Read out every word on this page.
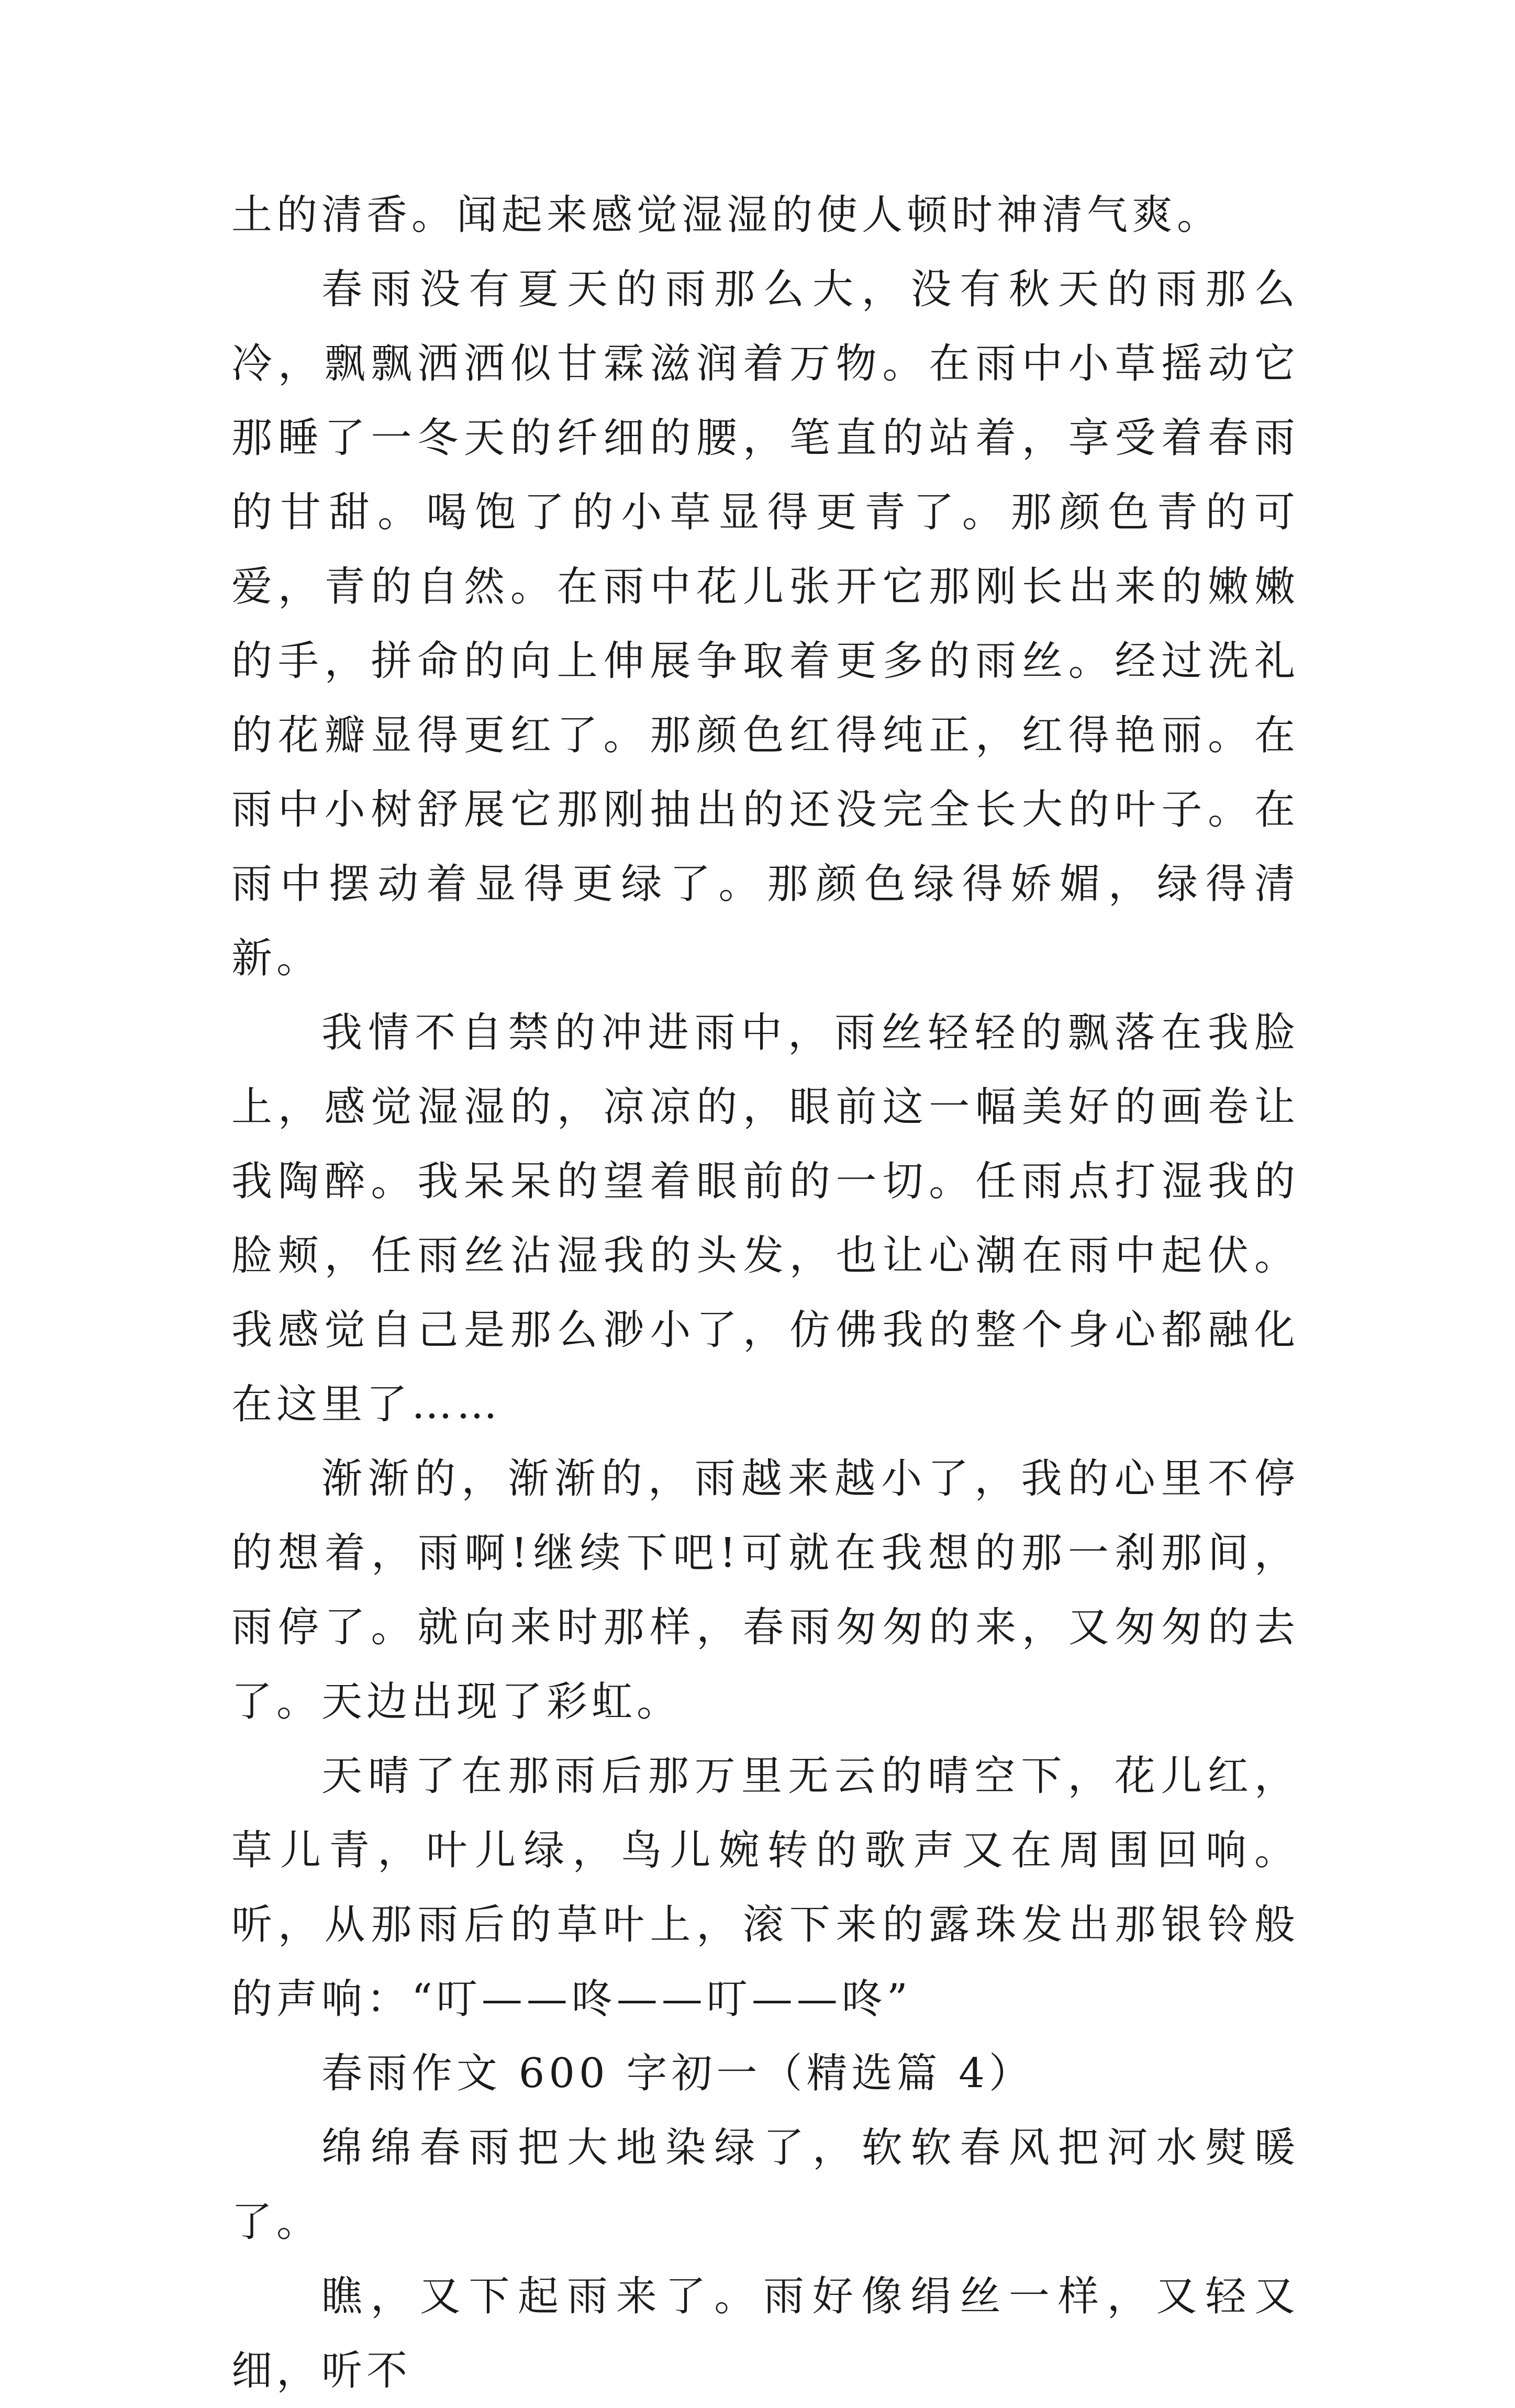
土的清香。闻起来感觉湿湿的使人顿时神清气爽。

春雨没有夏天的雨那么大，没有秋天的雨那么冷，飘飘洒洒似甘霖滋润着万物。在雨中小草摇动它那睡了一冬天的纤细的腰，笔直的站着，享受着春雨的甘甜。喝饱了的小草显得更青了。那颜色青的可爱，青的自然。在雨中花儿张开它那刚长出来的嫩嫩的手，拼命的向上伸展争取着更多的雨丝。经过洗礼的花瓣显得更红了。那颜色红得纯正，红得艳丽。在雨中小树舒展它那刚抽出的还没完全长大的叶子。在雨中摆动着显得更绿了。那颜色绿得娇媚，绿得清新。

我情不自禁的冲进雨中，雨丝轻轻的飘落在我脸上，感觉湿湿的，凉凉的，眼前这一幅美好的画卷让我陶醉。我呆呆的望着眼前的一切。任雨点打湿我的脸颊，任雨丝沾湿我的头发，也让心潮在雨中起伏。我感觉自己是那么渺小了，仿佛我的整个身心都融化在这里了……

渐渐的，渐渐的，雨越来越小了，我的心里不停的想着，雨啊!继续下吧!可就在我想的那一刹那间，雨停了。就向来时那样，春雨匆匆的来，又匆匆的去了。天边出现了彩虹。

天晴了在那雨后那万里无云的晴空下，花儿红，草儿青，叶儿绿，鸟儿婉转的歌声又在周围回响。听，从那雨后的草叶上，滚下来的露珠发出那银铃般的声响：“叮——咚——叮——咚”

春雨作文 600 字初一（精选篇 4）

绵绵春雨把大地染绿了，软软春风把河水熨暖了。

瞧，又下起雨来了。雨好像绢丝一样，又轻又细，听不
